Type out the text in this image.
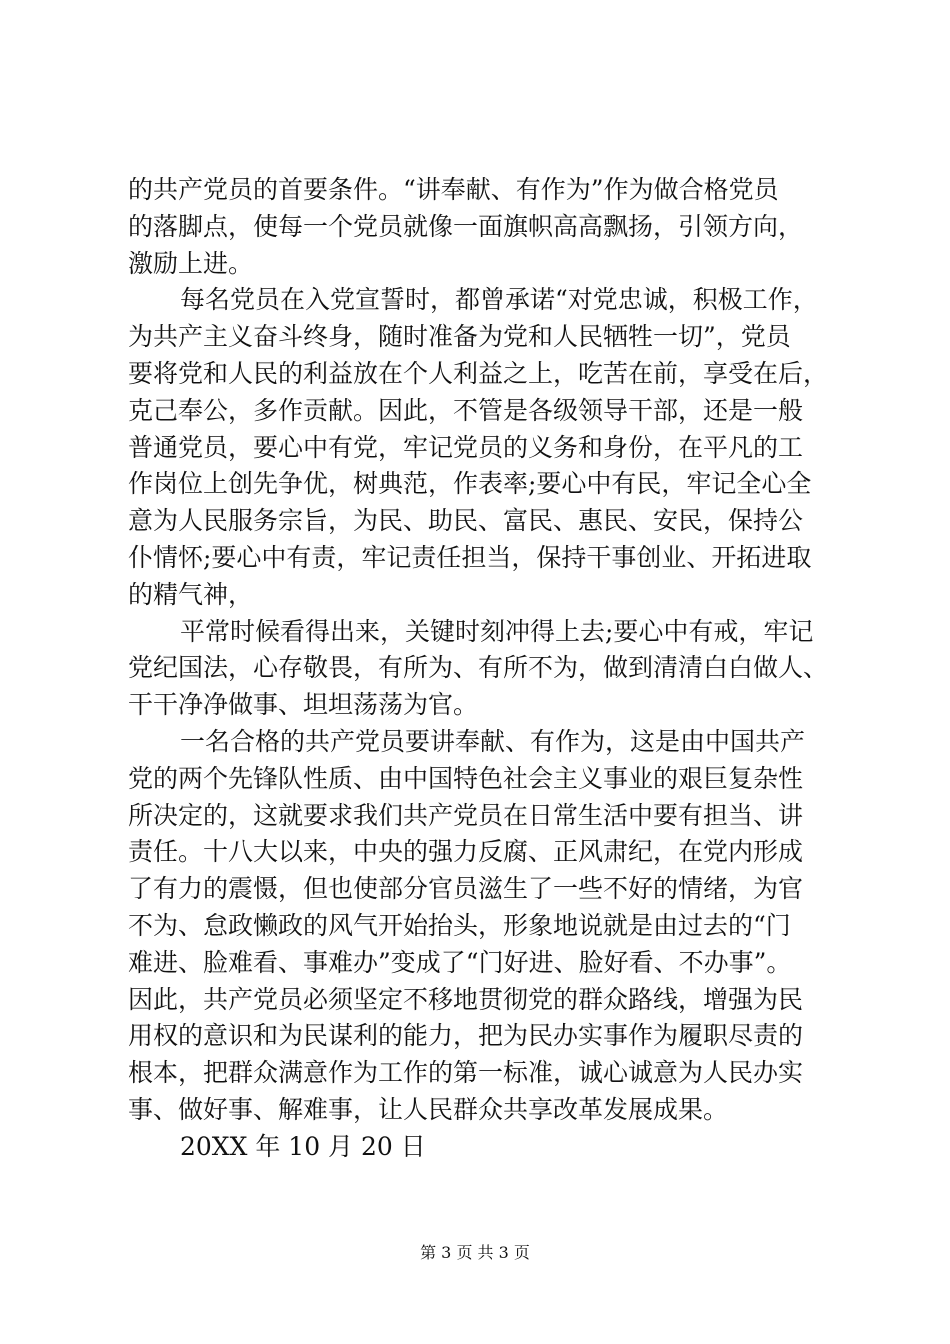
的共产党员的首要条件。“讲奉献、有作为”作为做合格党员
的落脚点，使每一个党员就像一面旗帜高高飘扬，引领方向，
激励上进。
每名党员在入党宣誓时，都曾承诺“对党忠诚，积极工作，
为共产主义奋斗终身，随时准备为党和人民牺牲一切”，党员
要将党和人民的利益放在个人利益之上，吃苦在前，享受在后，
克己奉公，多作贡献。因此，不管是各级领导干部，还是一般
普通党员，要心中有党，牢记党员的义务和身份，在平凡的工
作岗位上创先争优，树典范，作表率;要心中有民，牢记全心全
意为人民服务宗旨，为民、助民、富民、惠民、安民，保持公
仆情怀;要心中有责，牢记责任担当，保持干事创业、开拓进取
的精气神，
平常时候看得出来，关键时刻冲得上去;要心中有戒，牢记
党纪国法，心存敬畏，有所为、有所不为，做到清清白白做人、
干干净净做事、坦坦荡荡为官。
一名合格的共产党员要讲奉献、有作为，这是由中国共产
党的两个先锋队性质、由中国特色社会主义事业的艰巨复杂性
所决定的，这就要求我们共产党员在日常生活中要有担当、讲
责任。十八大以来，中央的强力反腐、正风肃纪，在党内形成
了有力的震慑，但也使部分官员滋生了一些不好的情绪，为官
不为、怠政懒政的风气开始抬头，形象地说就是由过去的“门
难进、脸难看、事难办”变成了“门好进、脸好看、不办事”。
因此，共产党员必须坚定不移地贯彻党的群众路线，增强为民
用权的意识和为民谋利的能力，把为民办实事作为履职尽责的
根本，把群众满意作为工作的第一标准，诚心诚意为人民办实
事、做好事、解难事，让人民群众共享改革发展成果。
20XX 年 10 月 20 日
第 3 页 共 3 页
